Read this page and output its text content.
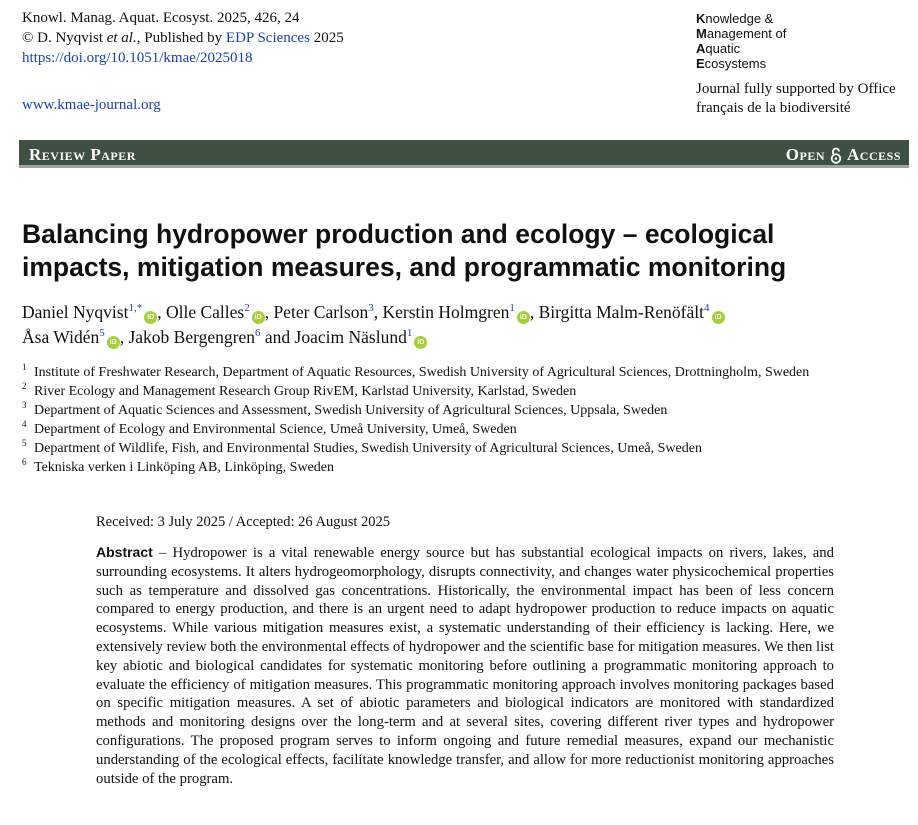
Knowl. Manag. Aquat. Ecosyst. 2025, 426, 24
© D. Nyqvist et al., Published by EDP Sciences 2025
https://doi.org/10.1051/kmae/2025018
www.kmae-journal.org
Knowledge &
Management of
Aquatic
Ecosystems
Journal fully supported by Office
français de la biodiversité
Review Paper	Open Access
Balancing hydropower production and ecology – ecological
impacts, mitigation measures, and programmatic monitoring
Daniel Nyqvist$^{1,*}$iD , Olle Calles$^2$iD , Peter Carlson$^3$, Kerstin Holmgren$^1$iD , Birgitta Malm-Renöfält$^4$iD
Åsa Widén$^5$iD , Jakob Bergengren$^6$ and Joacim Näslund$^1$iD
1 Institute of Freshwater Research, Department of Aquatic Resources, Swedish University of Agricultural Sciences, Drottningholm, Sweden
2 River Ecology and Management Research Group RivEM, Karlstad University, Karlstad, Sweden
3 Department of Aquatic Sciences and Assessment, Swedish University of Agricultural Sciences, Uppsala, Sweden
4 Department of Ecology and Environmental Science, Umeå University, Umeå, Sweden
5 Department of Wildlife, Fish, and Environmental Studies, Swedish University of Agricultural Sciences, Umeå, Sweden
6 Tekniska verken i Linköping AB, Linköping, Sweden
Received: 3 July 2025 / Accepted: 26 August 2025
Abstract – Hydropower is a vital renewable energy source but has substantial ecological impacts on rivers, lakes, and surrounding ecosystems. It alters hydrogeomorphology, disrupts connectivity, and changes water physicochemical properties such as temperature and dissolved gas concentrations. Historically, the environmental impact has been of less concern compared to energy production, and there is an urgent need to adapt hydropower production to reduce impacts on aquatic ecosystems. While various mitigation measures exist, a systematic understanding of their efficiency is lacking. Here, we extensively review both the environmental effects of hydropower and the scientific base for mitigation measures. We then list key abiotic and biological candidates for systematic monitoring before outlining a programmatic monitoring approach to evaluate the efficiency of mitigation measures. This programmatic monitoring approach involves monitoring packages based on specific mitigation measures. A set of abiotic parameters and biological indicators are monitored with standardized methods and monitoring designs over the long-term and at several sites, covering different river types and hydropower configurations. The proposed program serves to inform ongoing and future remedial measures, expand our mechanistic understanding of the ecological effects, facilitate knowledge transfer, and allow for more reductionist monitoring approaches outside of the program.
